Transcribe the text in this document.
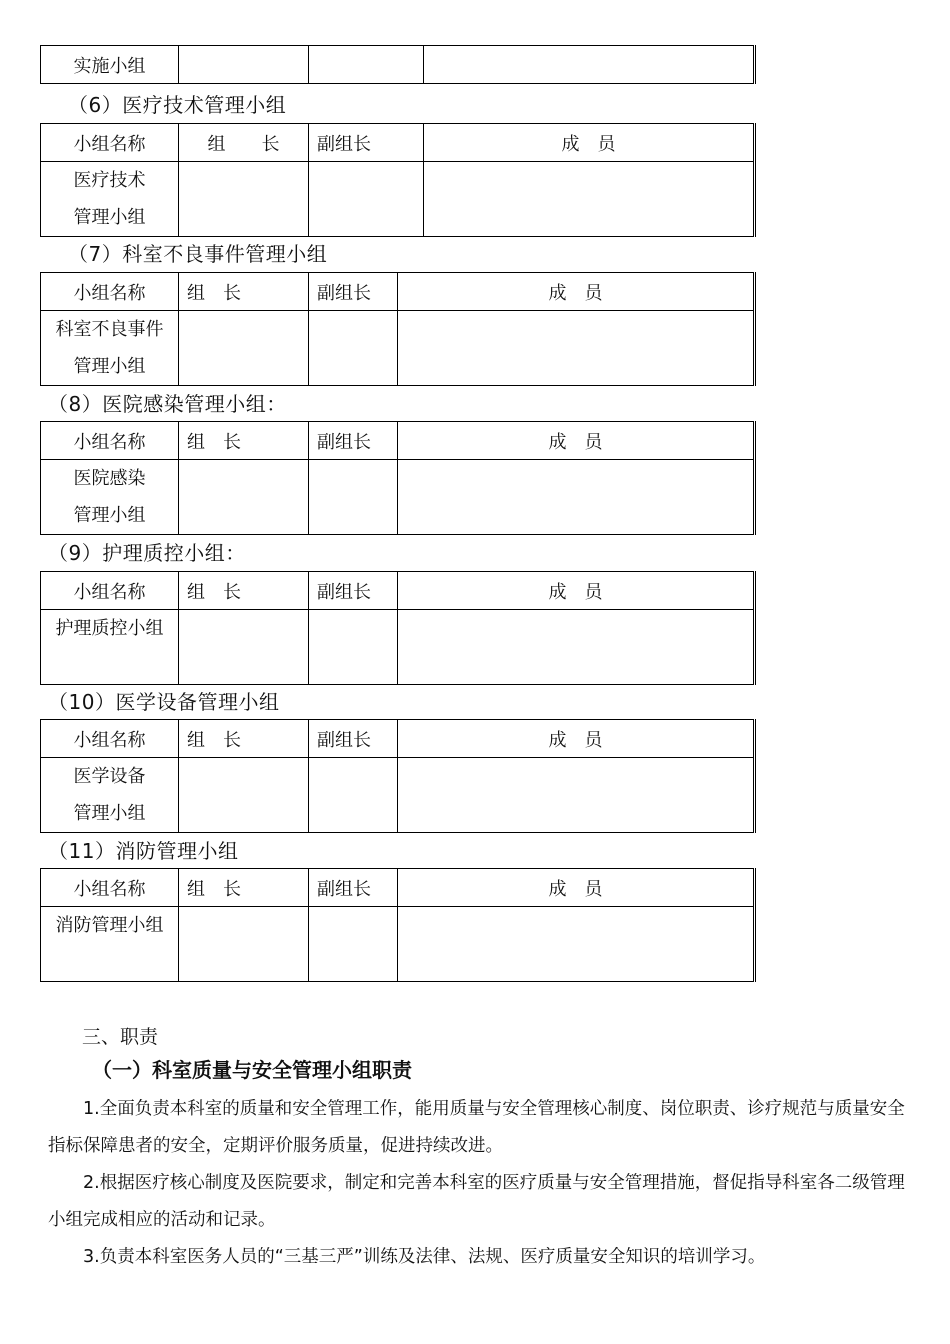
实施小组			
（6）医疗技术管理小组
小组名称	组　　长	副组长	成　员

医疗技术
管理小组			

（7）科室不良事件管理小组
小组名称	组　长	副组长	成　员

科室不良事件
管理小组			

（8）医院感染管理小组：
小组名称	组　长	副组长	成　员

医院感染
管理小组			

（9）护理质控小组：
小组名称	组　长	副组长	成　员

护理质控小组			

（10）医学设备管理小组
小组名称	组　长	副组长	成　员

医学设备
管理小组			

（11）消防管理小组
小组名称	组　长	副组长	成　员

消防管理小组			

三、职责
（一）科室质量与安全管理小组职责
1.全面负责本科室的质量和安全管理工作，能用质量与安全管理核心制度、岗位职责、诊疗规范与质量安全指标保障患者的安全，定期评价服务质量，促进持续改进。
2.根据医疗核心制度及医院要求，制定和完善本科室的医疗质量与安全管理措施，督促指导科室各二级管理小组完成相应的活动和记录。
3.负责本科室医务人员的“三基三严”训练及法律、法规、医疗质量安全知识的培训学习。
